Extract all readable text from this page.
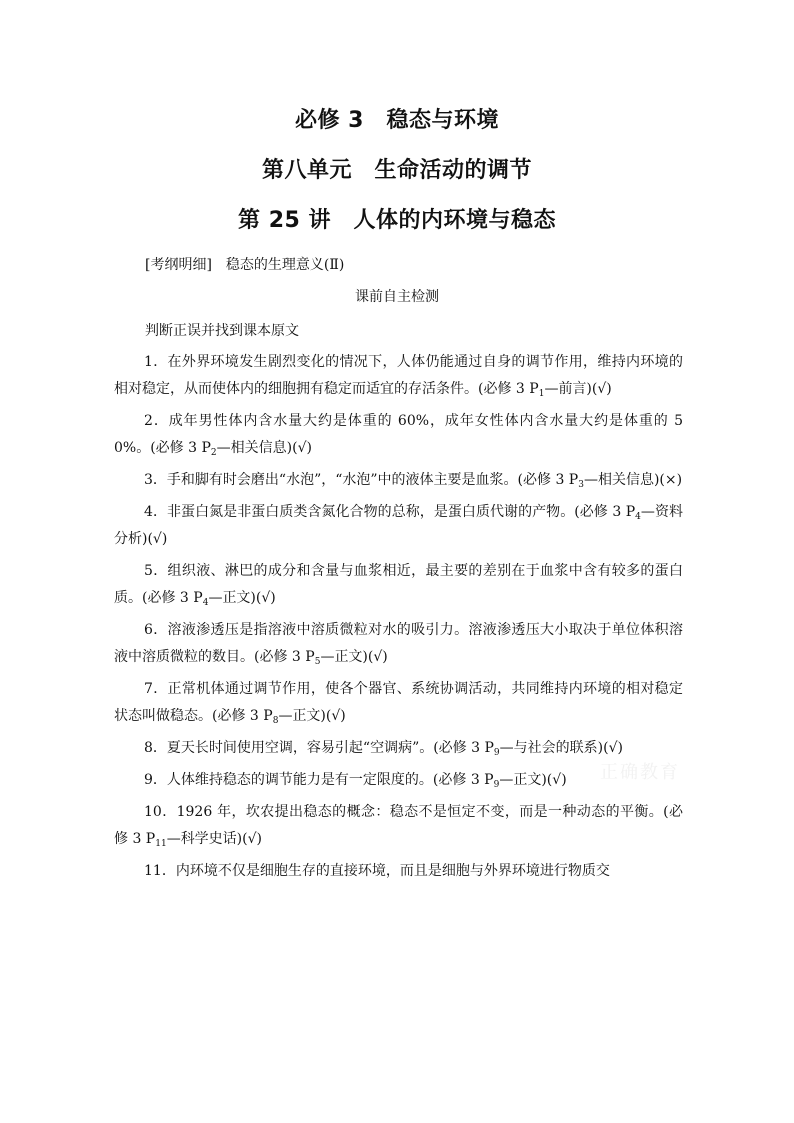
必修 3　稳态与环境
第八单元　生命活动的调节
第 25 讲　人体的内环境与稳态
[考纲明细]　稳态的生理意义(Ⅱ)
课前自主检测
判断正误并找到课本原文

1．在外界环境发生剧烈变化的情况下，人体仍能通过自身的调节作用，维持内环境的相对稳定，从而使体内的细胞拥有稳定而适宜的存活条件。(必修 3 $P_1—$前言)(√)

2．成年男性体内含水量大约是体重的 60%，成年女性体内含水量大约是体重的 50%。(必修 3 $P_2—$相关信息)(√)

3．手和脚有时会磨出“水泡”，“水泡”中的液体主要是血浆。(必修 3 $P_3—$相关信息)(×)

4．非蛋白氮是非蛋白质类含氮化合物的总称，是蛋白质代谢的产物。(必修 3 $P_4—$资料分析)(√)

5．组织液、淋巴的成分和含量与血浆相近，最主要的差别在于血浆中含有较多的蛋白质。(必修 3 $P_4—$正文)(√)

6．溶液渗透压是指溶液中溶质微粒对水的吸引力。溶液渗透压大小取决于单位体积溶液中溶质微粒的数目。(必修 3 $P_5—$正文)(√)

7．正常机体通过调节作用，使各个器官、系统协调活动，共同维持内环境的相对稳定状态叫做稳态。(必修 3 $P_8—$正文)(√)

8．夏天长时间使用空调，容易引起“空调病”。(必修 3 $P_9—$与社会的联系)(√)

9．人体维持稳态的调节能力是有一定限度的。(必修 3 $P_9—$正文)(√)

10．1926 年，坎农提出稳态的概念：稳态不是恒定不变，而是一种动态的平衡。(必修 3 $P_{11}—$科学史话)(√)

11．内环境不仅是细胞生存的直接环境，而且是细胞与外界环境进行物质交

正确教育
